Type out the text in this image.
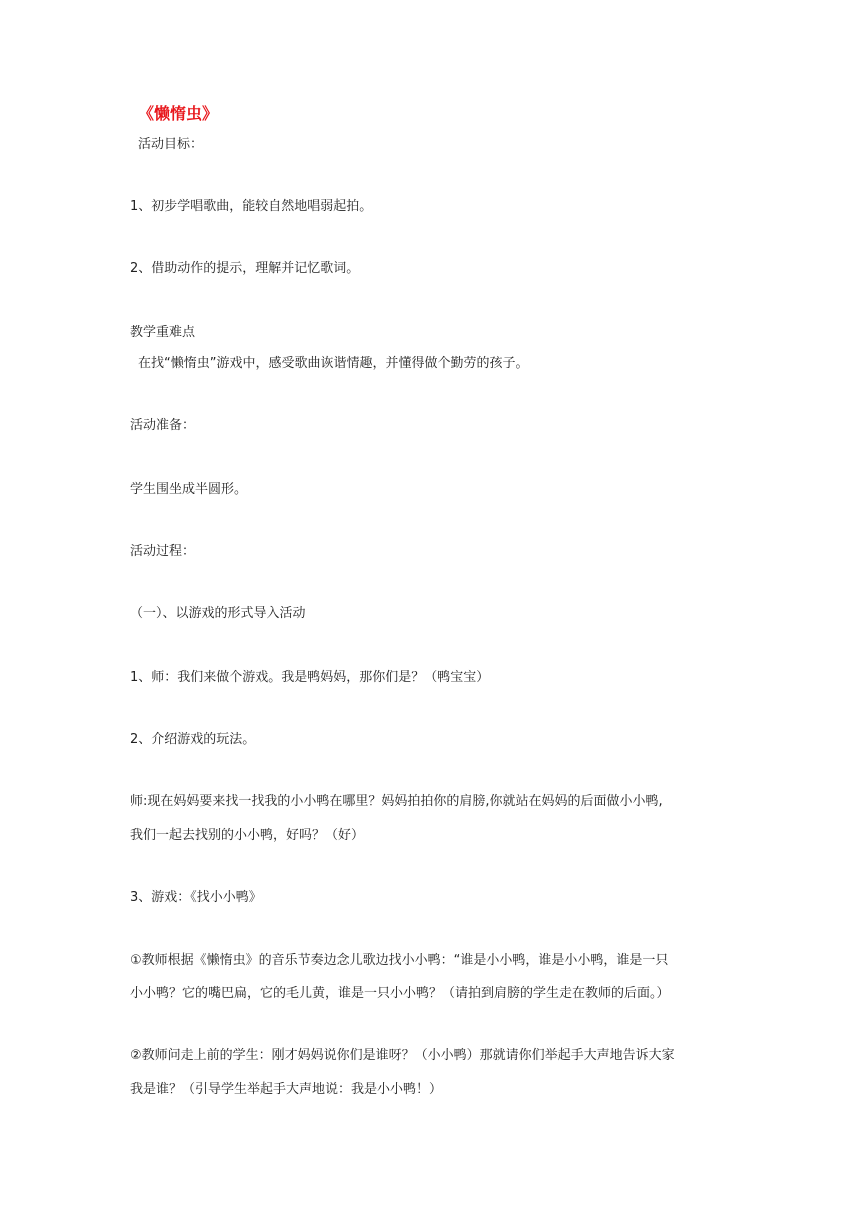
《懒惰虫》
活动目标：
1、初步学唱歌曲，能较自然地唱弱起拍。
2、借助动作的提示，理解并记忆歌词。
教学重难点
在找“懒惰虫”游戏中，感受歌曲诙谐情趣，并懂得做个勤劳的孩子。
活动准备：
学生围坐成半圆形。
活动过程：
（一）、以游戏的形式导入活动
1、师：我们来做个游戏。我是鸭妈妈，那你们是？（鸭宝宝）
2、介绍游戏的玩法。
师:现在妈妈要来找一找我的小小鸭在哪里？妈妈拍拍你的肩膀,你就站在妈妈的后面做小小鸭,
我们一起去找别的小小鸭，好吗？（好）
3、游戏：《找小小鸭》
①教师根据《懒惰虫》的音乐节奏边念儿歌边找小小鸭：“谁是小小鸭，谁是小小鸭，谁是一只
小小鸭？它的嘴巴扁，它的毛儿黄，谁是一只小小鸭？（请拍到肩膀的学生走在教师的后面。）
②教师问走上前的学生：刚才妈妈说你们是谁呀？（小小鸭）那就请你们举起手大声地告诉大家
我是谁？（引导学生举起手大声地说：我是小小鸭！）
